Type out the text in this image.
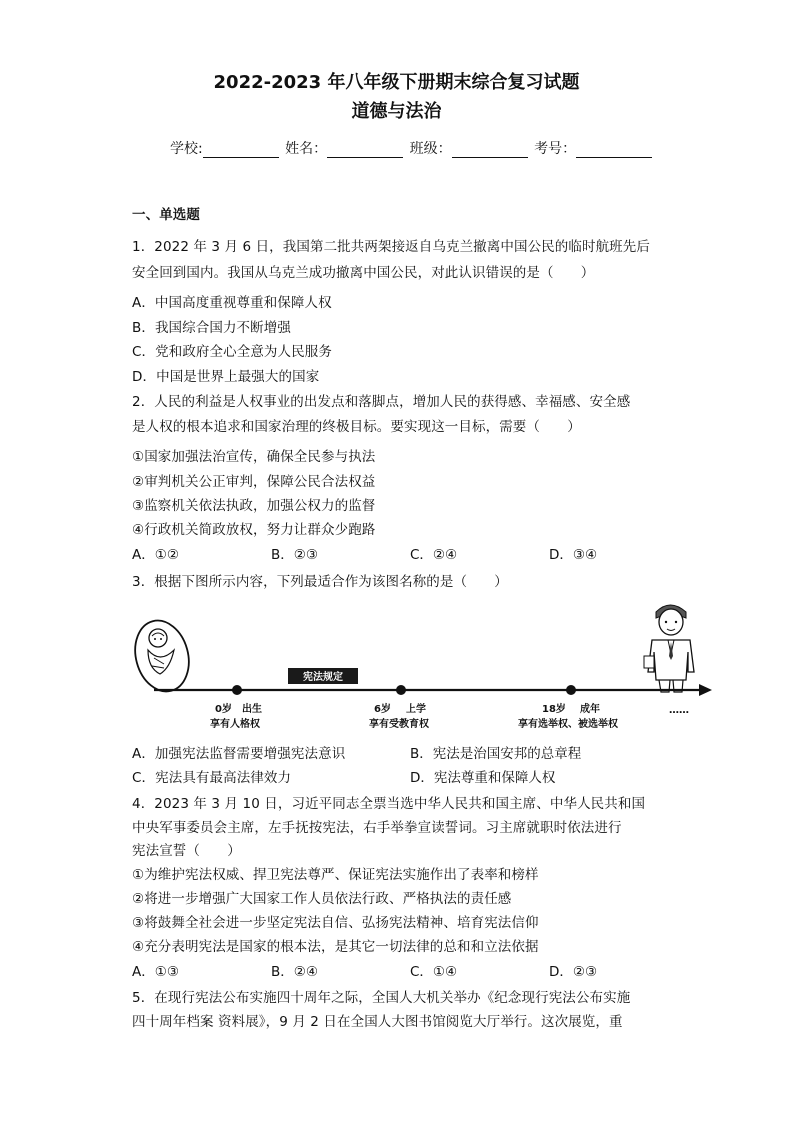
2022-2023 年八年级下册期末综合复习试题
道德与法治
学校:	姓名：	班级：	考号：
一、单选题
1．2022 年 3 月 6 日，我国第二批共两架接返自乌克兰撤离中国公民的临时航班先后
安全回到国内。我国从乌克兰成功撤离中国公民，对此认识错误的是（　　）
A．中国高度重视尊重和保障人权
B．我国综合国力不断增强
C．党和政府全心全意为人民服务
D．中国是世界上最强大的国家
2．人民的利益是人权事业的出发点和落脚点，增加人民的获得感、幸福感、安全感
是人权的根本追求和国家治理的终极目标。要实现这一目标，需要（　　）
①国家加强法治宣传，确保全民参与执法
②审判机关公正审判，保障公民合法权益
③监察机关依法执政，加强公权力的监督
④行政机关简政放权，努力让群众少跑路
A．①②	B．②③	C．②④	D．③④
3．根据下图所示内容，下列最适合作为该图名称的是（　　）
宪法规定
0岁 出生
享有人格权
6岁 上学
享有受教育权
18岁 成年
享有选举权、被选举权
……
A．加强宪法监督需要增强宪法意识	B．宪法是治国安邦的总章程
C．宪法具有最高法律效力	D．宪法尊重和保障人权
4．2023 年 3 月 10 日，习近平同志全票当选中华人民共和国主席、中华人民共和国
中央军事委员会主席，左手抚按宪法，右手举拳宣读誓词。习主席就职时依法进行
宪法宣誓（　　）
①为维护宪法权威、捍卫宪法尊严、保证宪法实施作出了表率和榜样
②将进一步增强广大国家工作人员依法行政、严格执法的责任感
③将鼓舞全社会进一步坚定宪法自信、弘扬宪法精神、培育宪法信仰
④充分表明宪法是国家的根本法，是其它一切法律的总和和立法依据
A．①③	B．②④	C．①④	D．②③
5．在现行宪法公布实施四十周年之际，全国人大机关举办《纪念现行宪法公布实施
四十周年档案 资料展》，9 月 2 日在全国人大图书馆阅览大厅举行。这次展览，重
